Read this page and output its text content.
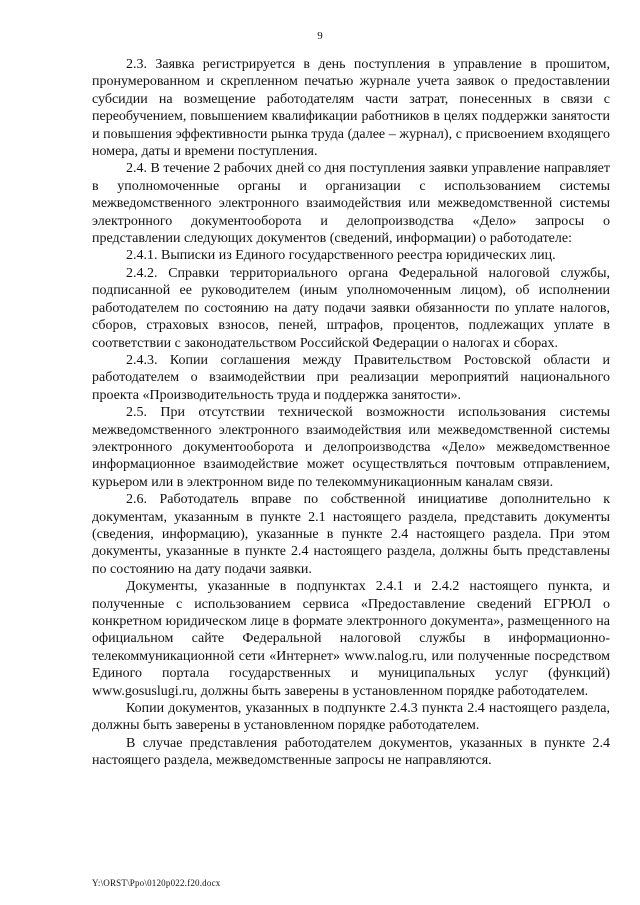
9

2.3. Заявка регистрируется в день поступления в управление в прошитом, пронумерованном и скрепленном печатью журнале учета заявок о предоставлении субсидии на возмещение работодателям части затрат, понесенных в связи с переобучением, повышением квалификации работников в целях поддержки занятости и повышения эффективности рынка труда (далее – журнал), с присвоением входящего номера, даты и времени поступления.

2.4. В течение 2 рабочих дней со дня поступления заявки управление направляет в уполномоченные органы и организации с использованием системы межведомственного электронного взаимодействия или межведомственной системы электронного документооборота и делопроизводства «Дело» запросы о представлении следующих документов (сведений, информации) о работодателе:

2.4.1. Выписки из Единого государственного реестра юридических лиц.

2.4.2. Справки территориального органа Федеральной налоговой службы, подписанной ее руководителем (иным уполномоченным лицом), об исполнении работодателем по состоянию на дату подачи заявки обязанности по уплате налогов, сборов, страховых взносов, пеней, штрафов, процентов, подлежащих уплате в соответствии с законодательством Российской Федерации о налогах и сборах.

2.4.3. Копии соглашения между Правительством Ростовской области и работодателем о взаимодействии при реализации мероприятий национального проекта «Производительность труда и поддержка занятости».

2.5. При отсутствии технической возможности использования системы межведомственного электронного взаимодействия или межведомственной системы электронного документооборота и делопроизводства «Дело» межведомственное информационное взаимодействие может осуществляться почтовым отправлением, курьером или в электронном виде по телекоммуникационным каналам связи.

2.6. Работодатель вправе по собственной инициативе дополнительно к документам, указанным в пункте 2.1 настоящего раздела, представить документы (сведения, информацию), указанные в пункте 2.4 настоящего раздела. При этом документы, указанные в пункте 2.4 настоящего раздела, должны быть представлены по состоянию на дату подачи заявки.

Документы, указанные в подпунктах 2.4.1 и 2.4.2 настоящего пункта, и полученные с использованием сервиса «Предоставление сведений ЕГРЮЛ о конкретном юридическом лице в формате электронного документа», размещенного на официальном сайте Федеральной налоговой службы в информационно-телекоммуникационной сети «Интернет» www.nalog.ru, или полученные посредством Единого портала государственных и муниципальных услуг (функций) www.gosuslugi.ru, должны быть заверены в установленном порядке работодателем.

Копии документов, указанных в подпункте 2.4.3 пункта 2.4 настоящего раздела, должны быть заверены в установленном порядке работодателем.

В случае представления работодателем документов, указанных в пункте 2.4 настоящего раздела, межведомственные запросы не направляются.

Y:\ORST\Ppo\0120p022.f20.docx
